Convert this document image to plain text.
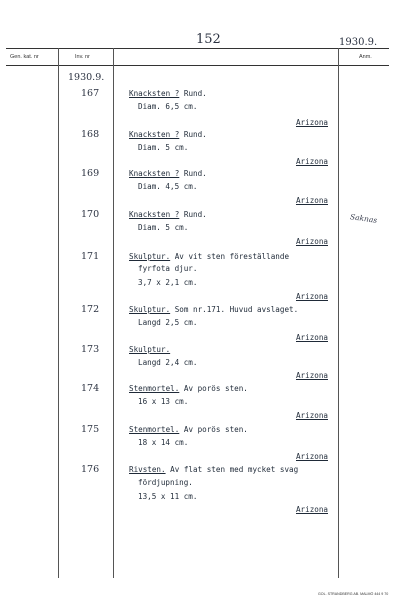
152	1930.9.
Gen. kat. nr	Inv. nr	Anm.
1930.9.
167	Knacksten ? Rund.
Diam. 6,5 cm.
Arizona
168	Knacksten ? Rund.
Diam. 5 cm.
Arizona
169	Knacksten ? Rund.
Diam. 4,5 cm.
Arizona
170	Knacksten ? Rund.
Diam. 5 cm.
Arizona
Saknas
171	Skulptur. Av vit sten föreställande
fyrfota djur.
3,7 x 2,1 cm.
Arizona
172	Skulptur. Som nr.171. Huvud avslaget.
Langd 2,5 cm.
Arizona
173	Skulptur.
Langd 2,4 cm.
Arizona
174	Stenmortel. Av porös sten.
16 x 13 cm.
Arizona
175	Stenmortel. Av porös sten.
18 x 14 cm.
Arizona
176	Rivsten. Av flat sten med mycket svag
fördjupning.
13,5 x 11 cm.
Arizona
GOL. STRANDBERG AB. MALMÖ 444 9 70
